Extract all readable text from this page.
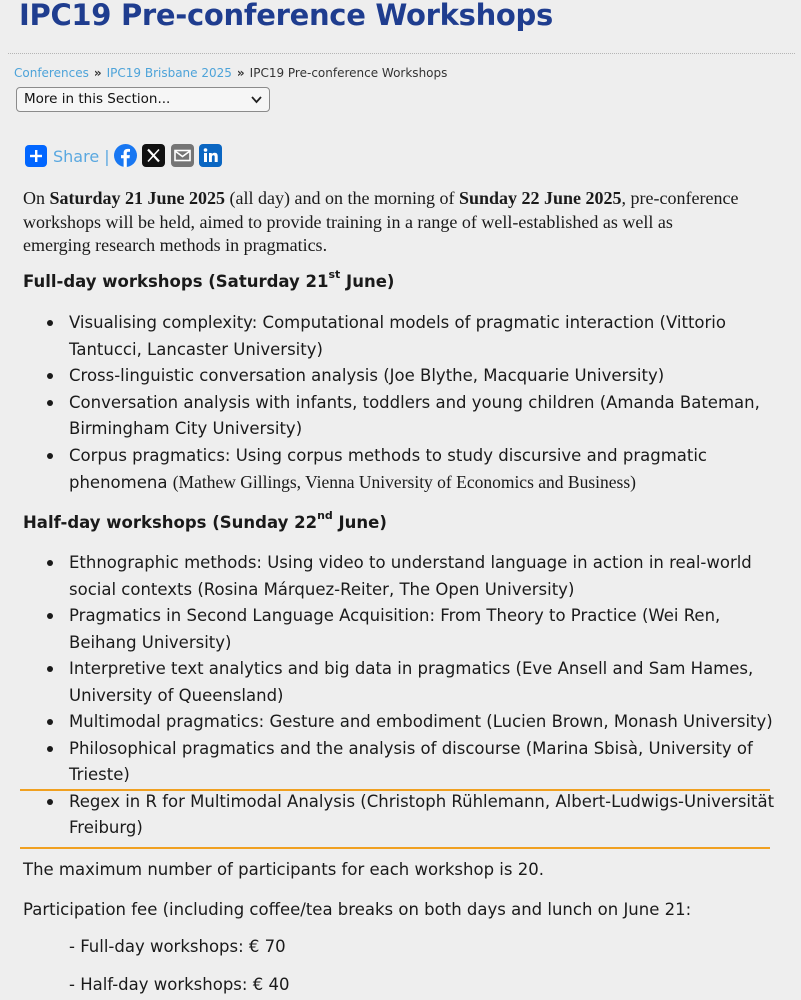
IPC19 Pre-conference Workshops
Conferences » IPC19 Brisbane 2025 » IPC19 Pre-conference Workshops
More in this Section...
Share |
On Saturday 21 June 2025 (all day) and on the morning of Sunday 22 June 2025, pre-conference workshops will be held, aimed to provide training in a range of well-established as well as emerging research methods in pragmatics.
Full-day workshops (Saturday 21st June)
Visualising complexity: Computational models of pragmatic interaction (Vittorio Tantucci, Lancaster University)
Cross-linguistic conversation analysis (Joe Blythe, Macquarie University)
Conversation analysis with infants, toddlers and young children (Amanda Bateman, Birmingham City University)
Corpus pragmatics: Using corpus methods to study discursive and pragmatic phenomena (Mathew Gillings, Vienna University of Economics and Business)
Half-day workshops (Sunday 22nd June)
Ethnographic methods: Using video to understand language in action in real-world social contexts (Rosina Márquez-Reiter, The Open University)
Pragmatics in Second Language Acquisition: From Theory to Practice (Wei Ren, Beihang University)
Interpretive text analytics and big data in pragmatics (Eve Ansell and Sam Hames, University of Queensland)
Multimodal pragmatics: Gesture and embodiment (Lucien Brown, Monash University)
Philosophical pragmatics and the analysis of discourse (Marina Sbisà, University of Trieste)
Regex in R for Multimodal Analysis (Christoph Rühlemann, Albert-Ludwigs-Universität Freiburg)
The maximum number of participants for each workshop is 20.
Participation fee (including coffee/tea breaks on both days and lunch on June 21:
- Full-day workshops: € 70
- Half-day workshops: € 40
